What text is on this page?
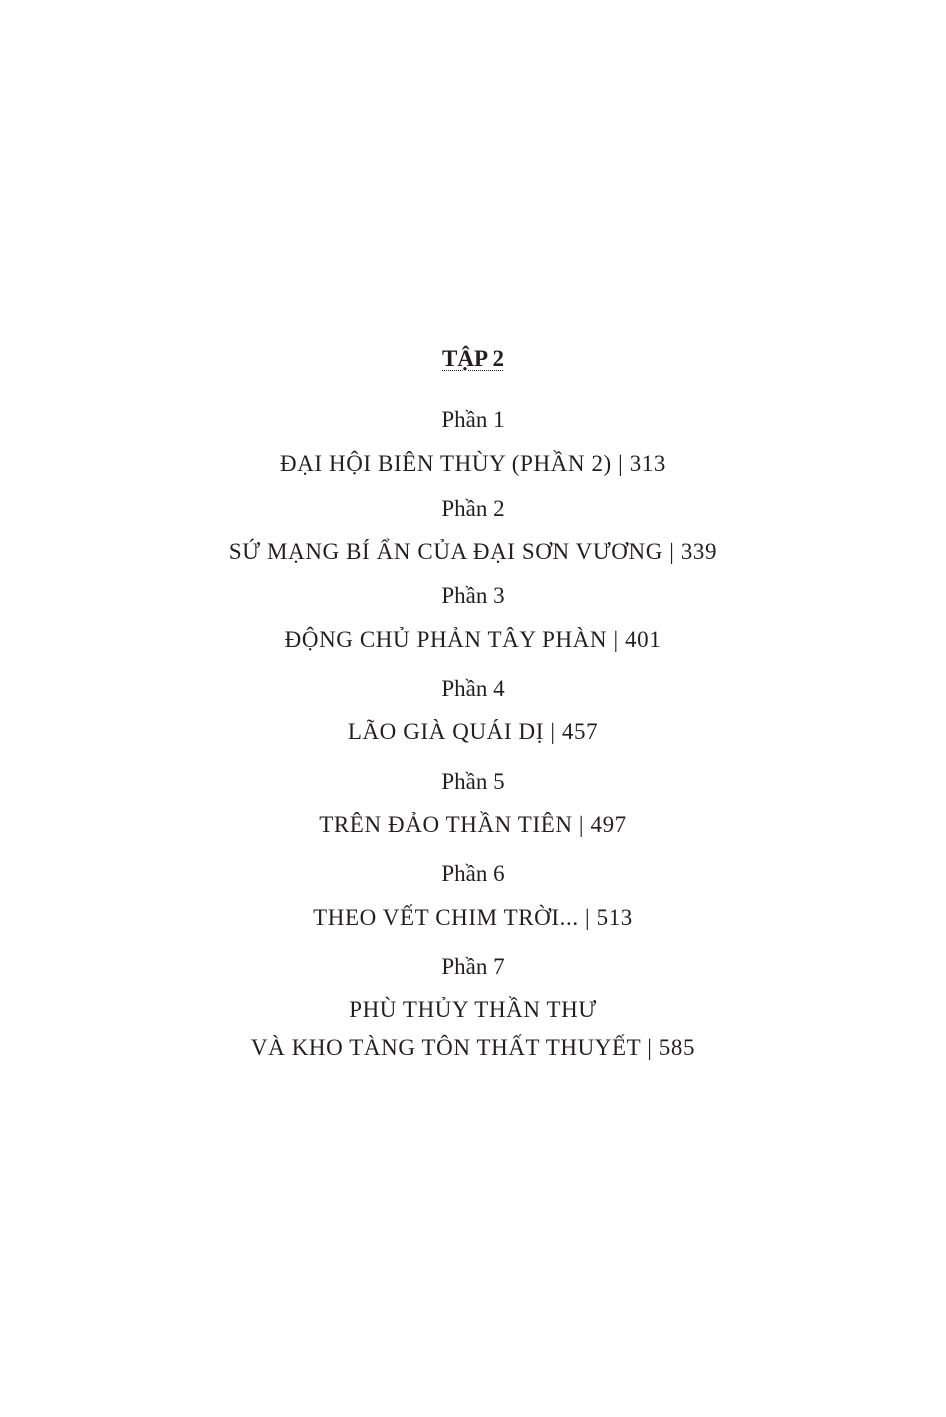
TẬP 2
Phần 1
ĐẠI HỘI BIÊN THÙY (PHẦN 2) | 313
Phần 2
SỨ MẠNG BÍ ẨN CỦA ĐẠI SƠN VƯƠNG | 339
Phần 3
ĐỘNG CHỦ PHẢN TÂY PHÀN | 401
Phần 4
LÃO GIÀ QUÁI DỊ | 457
Phần 5
TRÊN ĐẢO THẦN TIÊN | 497
Phần 6
THEO VẾT CHIM TRỜI... | 513
Phần 7
PHÙ THỦY THẦN THƯ
VÀ KHO TÀNG TÔN THẤT THUYẾT | 585
